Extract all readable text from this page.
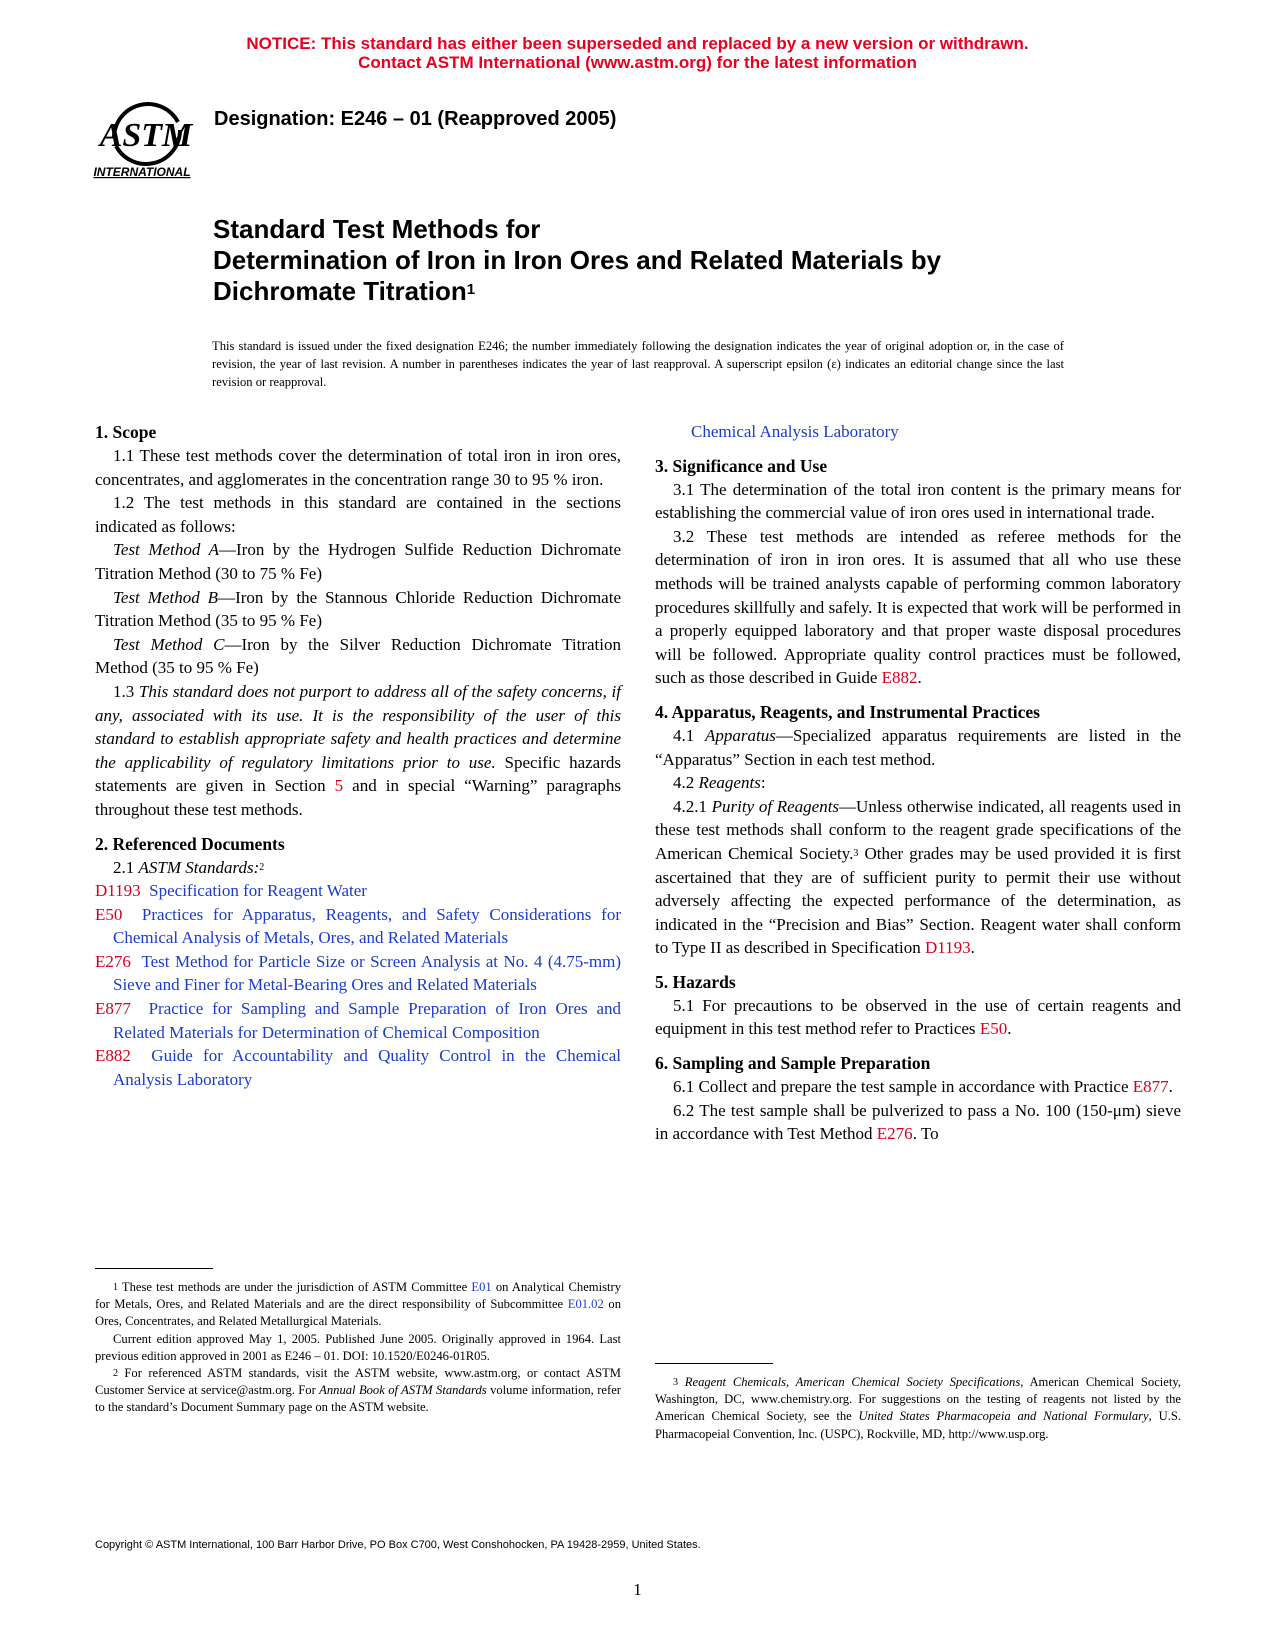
NOTICE: This standard has either been superseded and replaced by a new version or withdrawn.
Contact ASTM International (www.astm.org) for the latest information
ASTM
INTERNATIONAL
Designation: E246 – 01 (Reapproved 2005)
Standard Test Methods for
Determination of Iron in Iron Ores and Related Materials by
Dichromate Titration$^1$
This standard is issued under the fixed designation E246; the number immediately following the designation indicates the year of original adoption or, in the case of revision, the year of last revision. A number in parentheses indicates the year of last reapproval. A superscript epsilon (ε) indicates an editorial change since the last revision or reapproval.
1. Scope

1.1 These test methods cover the determination of total iron in iron ores, concentrates, and agglomerates in the concentration range 30 to 95 % iron.

1.2 The test methods in this standard are contained in the sections indicated as follows:

Test Method A—Iron by the Hydrogen Sulfide Reduction Dichromate Titration Method (30 to 75 % Fe)

Test Method B—Iron by the Stannous Chloride Reduction Dichromate Titration Method (35 to 95 % Fe)

Test Method C—Iron by the Silver Reduction Dichromate Titration Method (35 to 95 % Fe)

1.3 This standard does not purport to address all of the safety concerns, if any, associated with its use. It is the responsibility of the user of this standard to establish appropriate safety and health practices and determine the applicability of regulatory limitations prior to use. Specific hazards statements are given in Section 5 and in special “Warning” paragraphs throughout these test methods.

2. Referenced Documents

2.1 ASTM Standards:$^2$

D1193 Specification for Reagent Water
E50 Practices for Apparatus, Reagents, and Safety Considerations for Chemical Analysis of Metals, Ores, and Related Materials
E276 Test Method for Particle Size or Screen Analysis at No. 4 (4.75-mm) Sieve and Finer for Metal-Bearing Ores and Related Materials
E877 Practice for Sampling and Sample Preparation of Iron Ores and Related Materials for Determination of Chemical Composition
E882 Guide for Accountability and Quality Control in the Chemical Analysis Laboratory
Chemical Analysis Laboratory
3. Significance and Use

3.1 The determination of the total iron content is the primary means for establishing the commercial value of iron ores used in international trade.

3.2 These test methods are intended as referee methods for the determination of iron in iron ores. It is assumed that all who use these methods will be trained analysts capable of performing common laboratory procedures skillfully and safely. It is expected that work will be performed in a properly equipped laboratory and that proper waste disposal procedures will be followed. Appropriate quality control practices must be followed, such as those described in Guide E882.

4. Apparatus, Reagents, and Instrumental Practices

4.1 Apparatus—Specialized apparatus requirements are listed in the “Apparatus” Section in each test method.

4.2 Reagents:

4.2.1 Purity of Reagents—Unless otherwise indicated, all reagents used in these test methods shall conform to the reagent grade specifications of the American Chemical Society.$^3$ Other grades may be used provided it is first ascertained that they are of sufficient purity to permit their use without adversely affecting the expected performance of the determination, as indicated in the “Precision and Bias” Section. Reagent water shall conform to Type II as described in Specification D1193.

5. Hazards

5.1 For precautions to be observed in the use of certain reagents and equipment in this test method refer to Practices E50.

6. Sampling and Sample Preparation

6.1 Collect and prepare the test sample in accordance with Practice E877.

6.2 The test sample shall be pulverized to pass a No. 100 (150-μm) sieve in accordance with Test Method E276. To

$^1$ These test methods are under the jurisdiction of ASTM Committee E01 on Analytical Chemistry for Metals, Ores, and Related Materials and are the direct responsibility of Subcommittee E01.02 on Ores, Concentrates, and Related Metallurgical Materials.

Current edition approved May 1, 2005. Published June 2005. Originally approved in 1964. Last previous edition approved in 2001 as E246 – 01. DOI: 10.1520/E0246-01R05.

$^2$ For referenced ASTM standards, visit the ASTM website, www.astm.org, or contact ASTM Customer Service at service@astm.org. For Annual Book of ASTM Standards volume information, refer to the standard’s Document Summary page on the ASTM website.

$^3$ Reagent Chemicals, American Chemical Society Specifications, American Chemical Society, Washington, DC, www.chemistry.org. For suggestions on the testing of reagents not listed by the American Chemical Society, see the United States Pharmacopeia and National Formulary, U.S. Pharmacopeial Convention, Inc. (USPC), Rockville, MD, http://www.usp.org.

Copyright © ASTM International, 100 Barr Harbor Drive, PO Box C700, West Conshohocken, PA 19428-2959, United States.
1
